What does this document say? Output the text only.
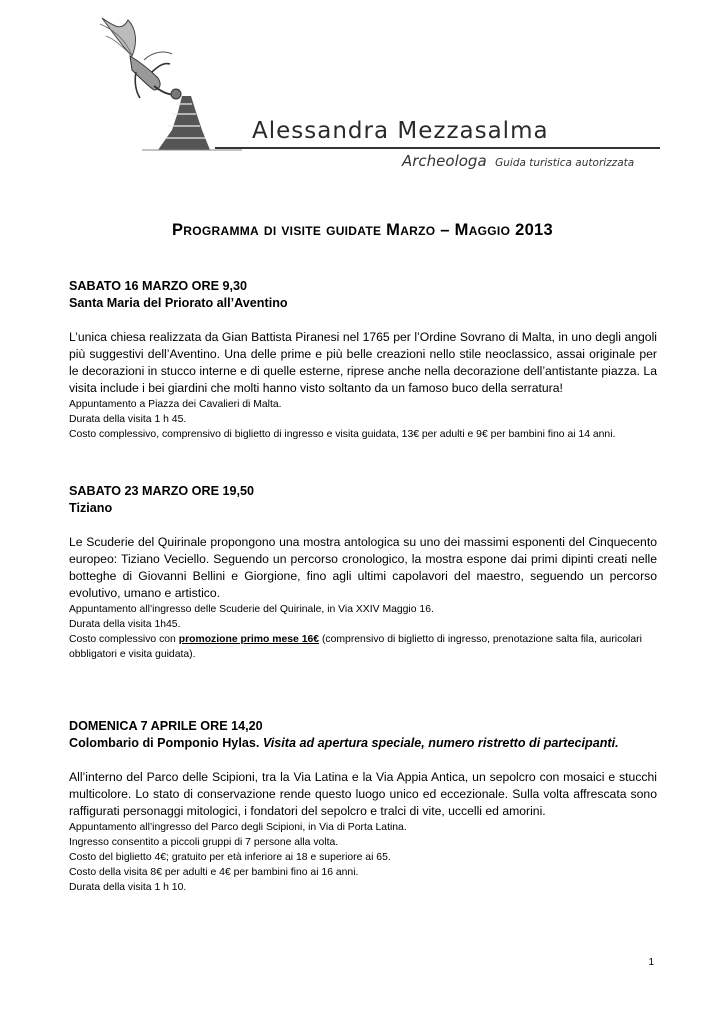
Alessandra Mezzasalma
Archeologa Guida turistica autorizzata
Programma di visite guidate Marzo – Maggio 2013
SABATO 16 MARZO ORE 9,30
Santa Maria del Priorato all’Aventino
L’unica chiesa realizzata da Gian Battista Piranesi nel 1765 per l’Ordine Sovrano di Malta, in uno degli angoli più suggestivi dell’Aventino. Una delle prime e più belle creazioni nello stile neoclassico, assai originale per le decorazioni in stucco interne e di quelle esterne, riprese anche nella decorazione dell’antistante piazza. La visita include i bei giardini che molti hanno visto soltanto da un famoso buco della serratura!
Appuntamento a Piazza dei Cavalieri di Malta.
Durata della visita 1 h 45.
Costo complessivo, comprensivo di biglietto di ingresso e visita guidata, 13€ per adulti e 9€ per bambini fino ai 14 anni.
SABATO 23 MARZO ORE 19,50
Tiziano
Le Scuderie del Quirinale propongono una mostra antologica su uno dei massimi esponenti del Cinquecento europeo: Tiziano Veciello. Seguendo un percorso cronologico, la mostra espone dai primi dipinti creati nelle botteghe di Giovanni Bellini e Giorgione, fino agli ultimi capolavori del maestro, seguendo un percorso evolutivo, umano e artistico.
Appuntamento all’ingresso delle Scuderie del Quirinale, in Via XXIV Maggio 16.
Durata della visita 1h45.
Costo complessivo con promozione primo mese 16€ (comprensivo di biglietto di ingresso, prenotazione salta fila, auricolari obbligatori e visita guidata).
DOMENICA 7 APRILE ORE 14,20
Colombario di Pomponio Hylas. Visita ad apertura speciale, numero ristretto di partecipanti.
All’interno del Parco delle Scipioni, tra la Via Latina e la Via Appia Antica, un sepolcro con mosaici e stucchi multicolore. Lo stato di conservazione rende questo luogo unico ed eccezionale. Sulla volta affrescata sono raffigurati personaggi mitologici, i fondatori del sepolcro e tralci di vite, uccelli ed amorini.
Appuntamento all’ingresso del Parco degli Scipioni, in Via di Porta Latina.
Ingresso consentito a piccoli gruppi di 7 persone alla volta.
Costo del biglietto 4€; gratuito per età inferiore ai 18 e superiore ai 65.
Costo della visita 8€ per adulti e 4€ per bambini fino ai 16 anni.
Durata della visita 1 h 10.
1
